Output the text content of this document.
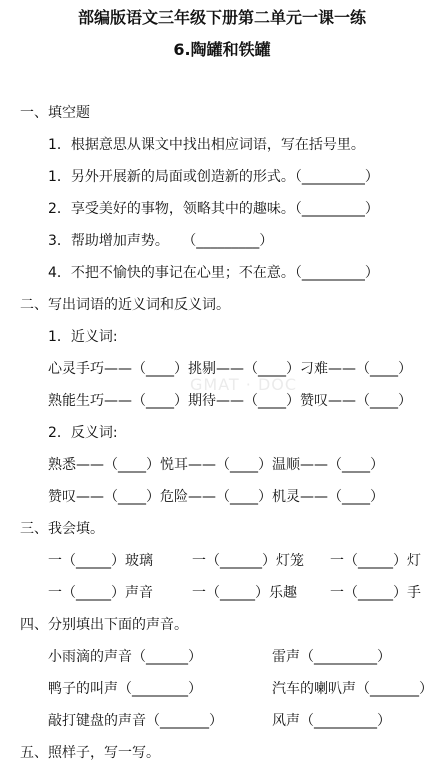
部编版语文三年级下册第二单元一课一练
6.陶罐和铁罐
一、填空题
1．根据意思从课文中找出相应词语，写在括号里。
1．另外开展新的局面或创造新的形式。（_________）
2．享受美好的事物，领略其中的趣味。（_________）
3．帮助增加声势。   （_________）
4．不把不愉快的事记在心里；不在意。（_________）
二、写出词语的近义词和反义词。
1．近义词:
心灵手巧——（____）挑剔——（____）刁难——（____）
GMAT · DOC
熟能生巧——（____）期待——（____）赞叹——（____）
2．反义词:
熟悉——（____）悦耳——（____）温顺——（____）
赞叹——（____）危险——（____）机灵——（____）
三、我会填。
一（_____）玻璃	一（______）灯笼 一（_____）灯
一（_____）声音	一（_____）乐趣 一（_____）手
四、分别填出下面的声音。
小雨滴的声音（______）	雷声（_________）
鸭子的叫声（________）	汽车的喇叭声（_______）
敲打键盘的声音（_______）	风声（_________）
五、照样子，写一写。
